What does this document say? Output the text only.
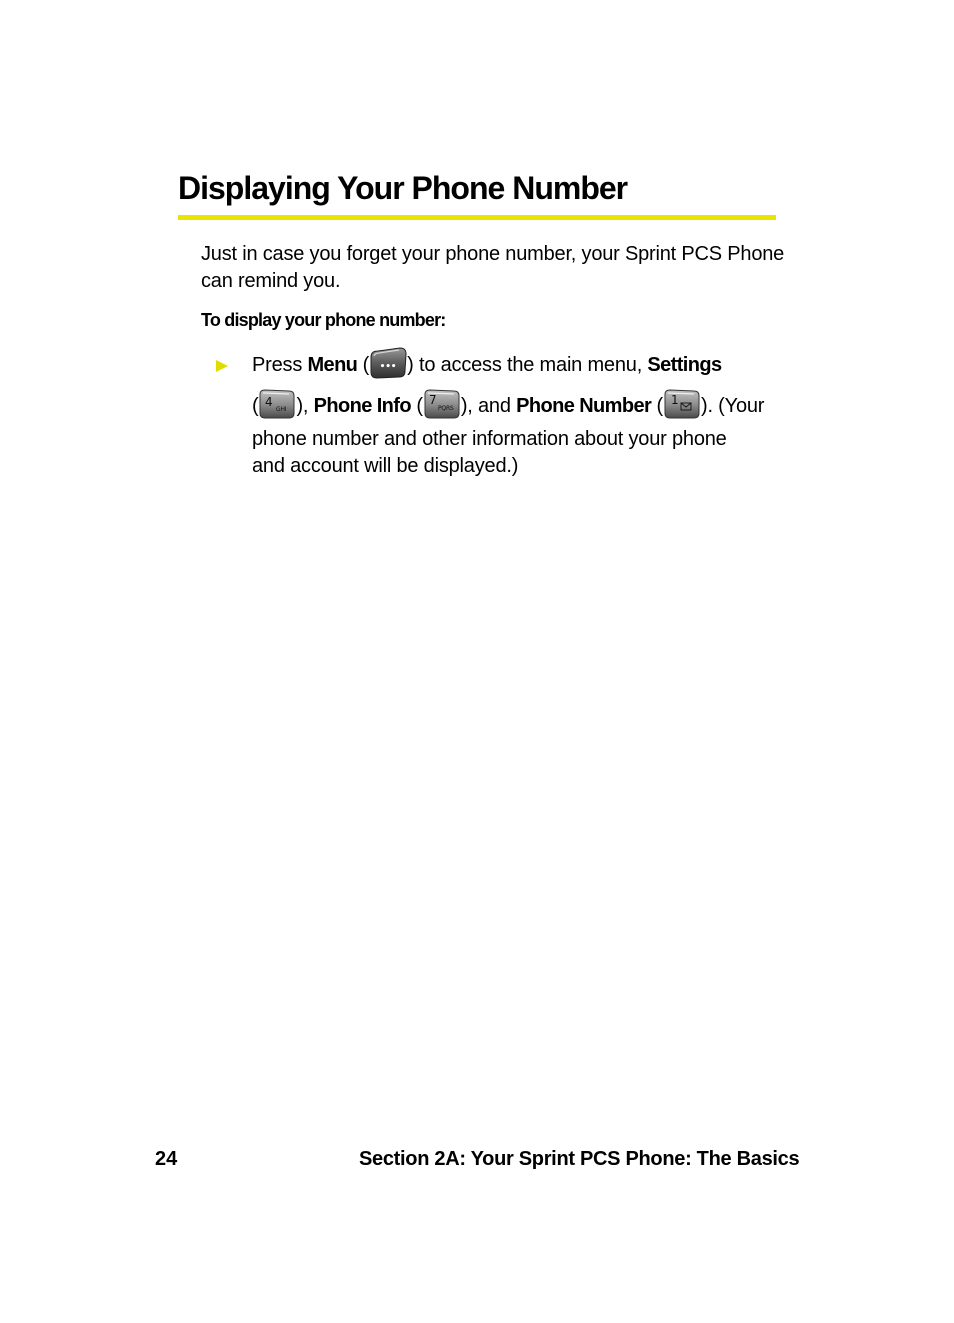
Displaying Your Phone Number

Just in case you forget your phone number, your Sprint PCS Phone can remind you.

To display your phone number:

Press Menu ( ••• ) to access the main menu, Settings
( 4
GHI ), Phone Info ( 7
PQRS ), and Phone Number ( 1 ). (Your
phone number and other information about your phone
and account will be displayed.)

24	Section 2A: Your Sprint PCS Phone: The Basics
